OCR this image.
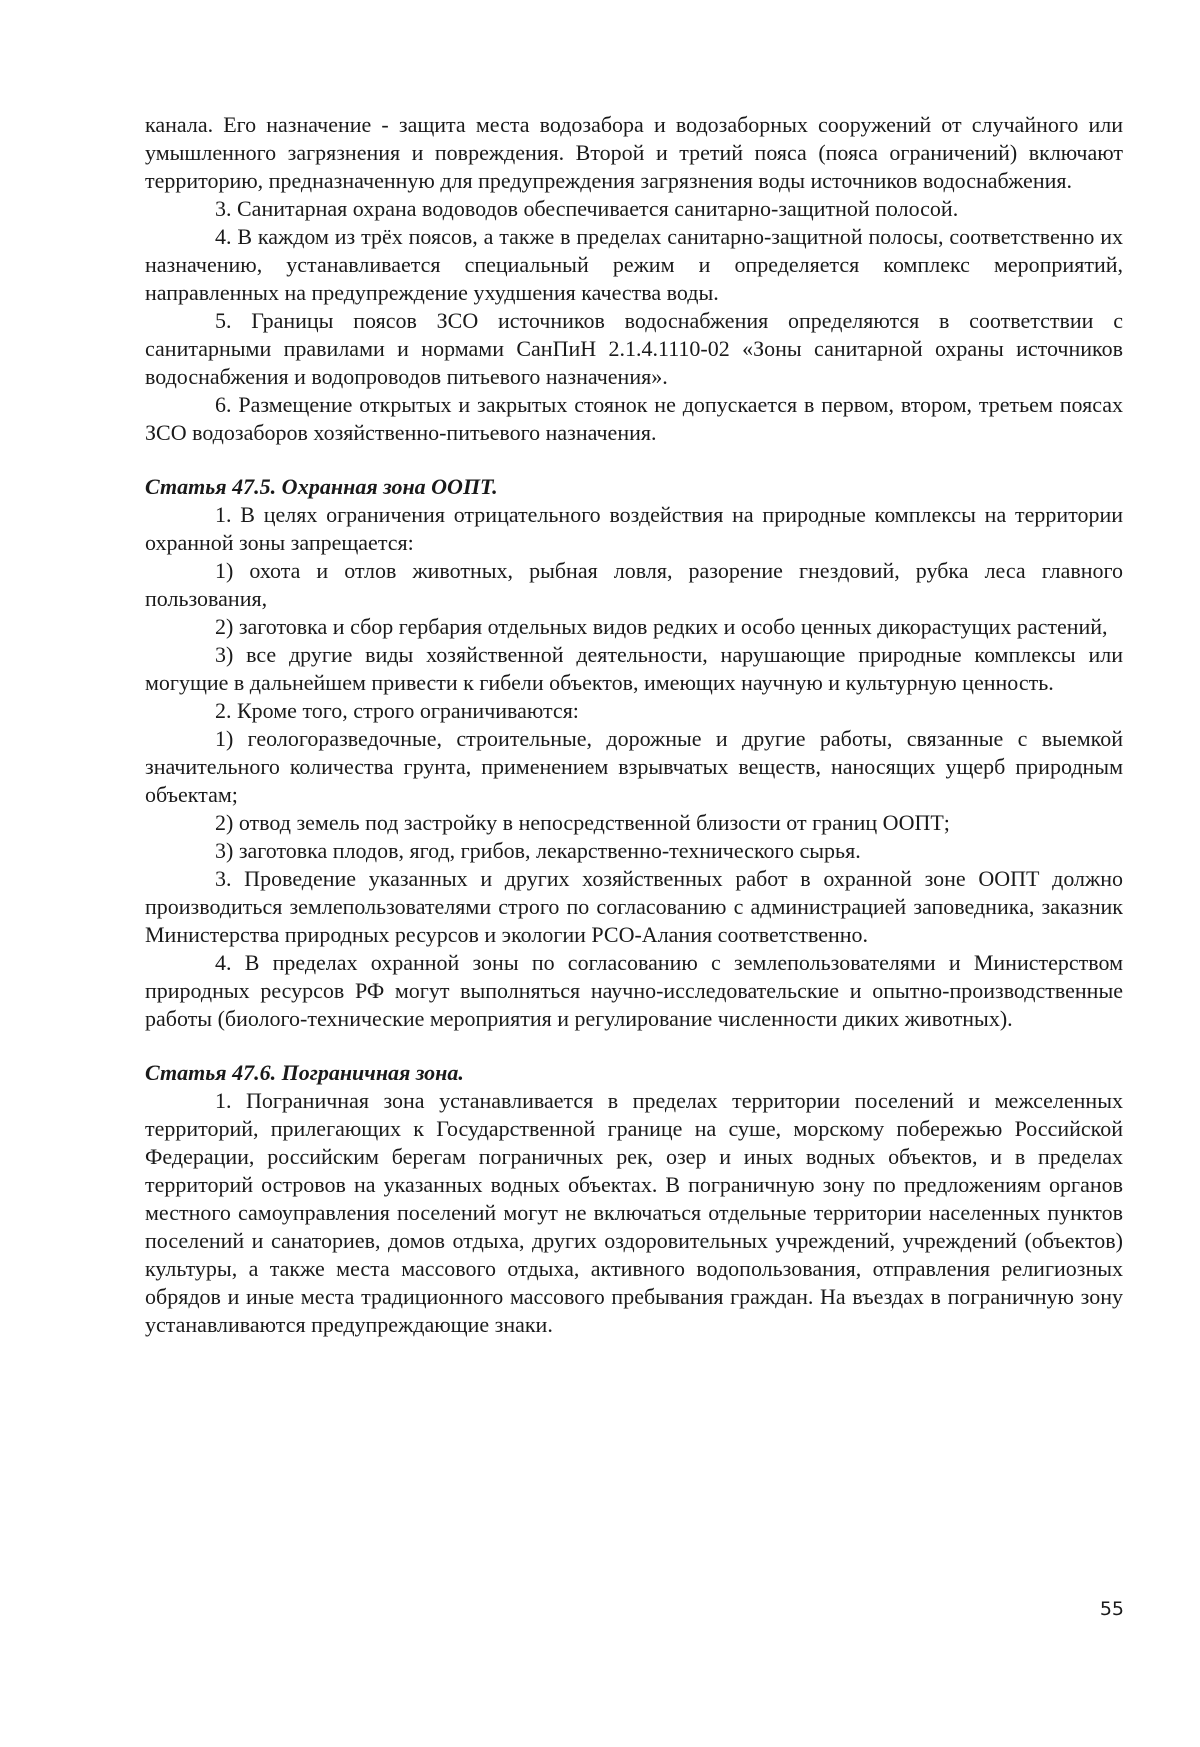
канала. Его назначение - защита места водозабора и водозаборных сооружений от случайного или умышленного загрязнения и повреждения. Второй и третий пояса (пояса ограничений) включают территорию, предназначенную для предупреждения загрязнения воды источников водоснабжения.

3. Санитарная охрана водоводов обеспечивается санитарно-защитной полосой.

4. В каждом из трёх поясов, а также в пределах санитарно-защитной полосы, соответственно их назначению, устанавливается специальный режим и определяется комплекс мероприятий, направленных на предупреждение ухудшения качества воды.

5. Границы поясов ЗСО источников водоснабжения определяются в соответствии с санитарными правилами и нормами СанПиН 2.1.4.1110-02 «Зоны санитарной охраны источников водоснабжения и водопроводов питьевого назначения».

6. Размещение открытых и закрытых стоянок не допускается в первом, втором, третьем поясах ЗСО водозаборов хозяйственно-питьевого назначения.

Статья 47.5. Охранная зона ООПТ.

1. В целях ограничения отрицательного воздействия на природные комплексы на территории охранной зоны запрещается:

1) охота и отлов животных, рыбная ловля, разорение гнездовий, рубка леса главного пользования,

2) заготовка и сбор гербария отдельных видов редких и особо ценных дикорастущих растений,

3) все другие виды хозяйственной деятельности, нарушающие природные комплексы или могущие в дальнейшем привести к гибели объектов, имеющих научную и культурную ценность.

2. Кроме того, строго ограничиваются:

1) геологоразведочные, строительные, дорожные и другие работы, связанные с выемкой значительного количества грунта, применением взрывчатых веществ, наносящих ущерб природным объектам;

2) отвод земель под застройку в непосредственной близости от границ ООПТ;

3) заготовка плодов, ягод, грибов, лекарственно-технического сырья.

3. Проведение указанных и других хозяйственных работ в охранной зоне ООПТ должно производиться землепользователями строго по согласованию с администрацией заповедника, заказник Министерства природных ресурсов и экологии РСО-Алания соответственно.

4. В пределах охранной зоны по согласованию с землепользователями и Министерством природных ресурсов РФ могут выполняться научно-исследовательские и опытно-производственные работы (биолого-технические мероприятия и регулирование численности диких животных).

Статья 47.6. Пограничная зона.

1. Пограничная зона устанавливается в пределах территории поселений и межселенных территорий, прилегающих к Государственной границе на суше, морскому побережью Российской Федерации, российским берегам пограничных рек, озер и иных водных объектов, и в пределах территорий островов на указанных водных объектах. В пограничную зону по предложениям органов местного самоуправления поселений могут не включаться отдельные территории населенных пунктов поселений и санаториев, домов отдыха, других оздоровительных учреждений, учреждений (объектов) культуры, а также места массового отдыха, активного водопользования, отправления религиозных обрядов и иные места традиционного массового пребывания граждан. На въездах в пограничную зону устанавливаются предупреждающие знаки.

55
